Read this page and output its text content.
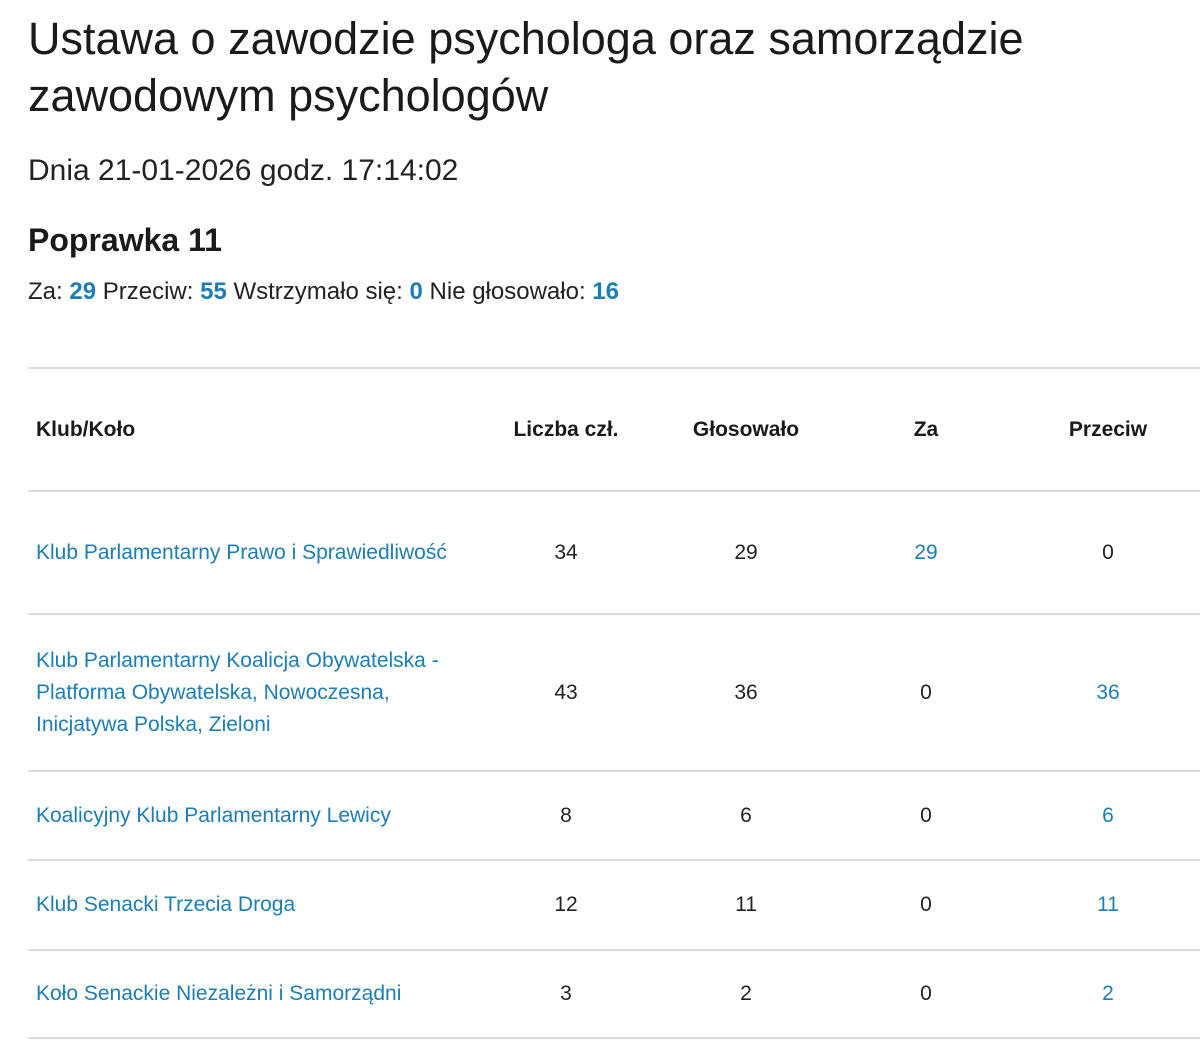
Ustawa o zawodzie psychologa oraz samorządzie zawodowym psychologów
Dnia 21-01-2026 godz. 17:14:02
Poprawka 11
Za: 29 Przeciw: 55 Wstrzymało się: 0 Nie głosowało: 16
Klub/Koło	Liczba czł.	Głosowało	Za	Przeciw
Klub Parlamentarny Prawo i Sprawiedliwość	34	29	29	0
Klub Parlamentarny Koalicja Obywatelska - Platforma Obywatelska, Nowoczesna, Inicjatywa Polska, Zieloni	43	36	0	36
Koalicyjny Klub Parlamentarny Lewicy	8	6	0	6
Klub Senacki Trzecia Droga	12	11	0	11
Koło Senackie Niezależni i Samorządni	3	2	0	2
